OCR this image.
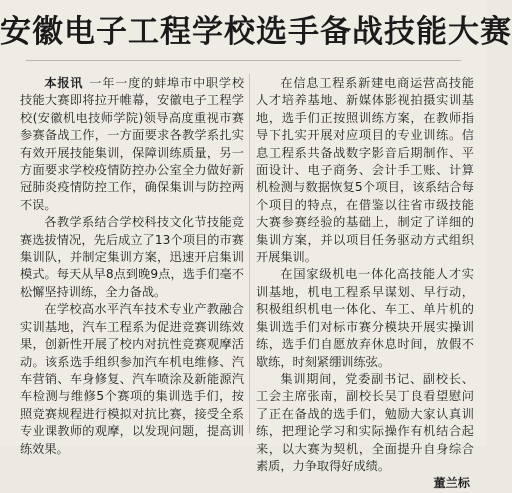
安徽电子工程学校选手备战技能大赛

本报讯 一年一度的蚌埠市中职学校技能大赛即将拉开帷幕，安徽电子工程学校(安徽机电技师学院)领导高度重视市赛参赛备战工作，一方面要求各教学系扎实有效开展技能集训，保障训练质量，另一方面要求学校疫情防控办公室全力做好新冠肺炎疫情防控工作，确保集训与防控两不误。

各教学系结合学校科技文化节技能竞赛选拔情况，先后成立了13个项目的市赛集训队，并制定集训方案，迅速开启集训模式。每天从早8点到晚9点，选手们毫不松懈坚持训练，全力备战。

在学校高水平汽车技术专业产教融合实训基地，汽车工程系为促进竞赛训练效果，创新性开展了校内对抗性竞赛观摩活动。该系选手组织参加汽车机电维修、汽车营销、车身修复、汽车喷涂及新能源汽车检测与维修5个赛项的集训选手们，按照竞赛规程进行模拟对抗比赛，接受全系专业课教师的观摩，以发现问题，提高训练效果。

在信息工程系新建电商运营高技能人才培养基地、新媒体影视拍摄实训基地，选手们正按照训练方案，在教师指导下扎实开展对应项目的专业训练。信息工程系共备战数字影音后期制作、平面设计、电子商务、会计手工账、计算机检测与数据恢复5个项目，该系结合每个项目的特点，在借鉴以往省市级技能大赛参赛经验的基础上，制定了详细的集训方案，并以项目任务驱动方式组织开展集训。

在国家级机电一体化高技能人才实训基地，机电工程系早谋划、早行动，积极组织机电一体化、车工、单片机的集训选手们对标市赛分模块开展实操训练，选手们自愿放弃休息时间，放假不歇练，时刻紧绷训练弦。

集训期间，党委副书记、副校长、工会主席张南，副校长吴丁良看望慰问了正在备战的选手们，勉励大家认真训练，把理论学习和实际操作有机结合起来，以大赛为契机，全面提升自身综合素质，力争取得好成绩。

董兰标
